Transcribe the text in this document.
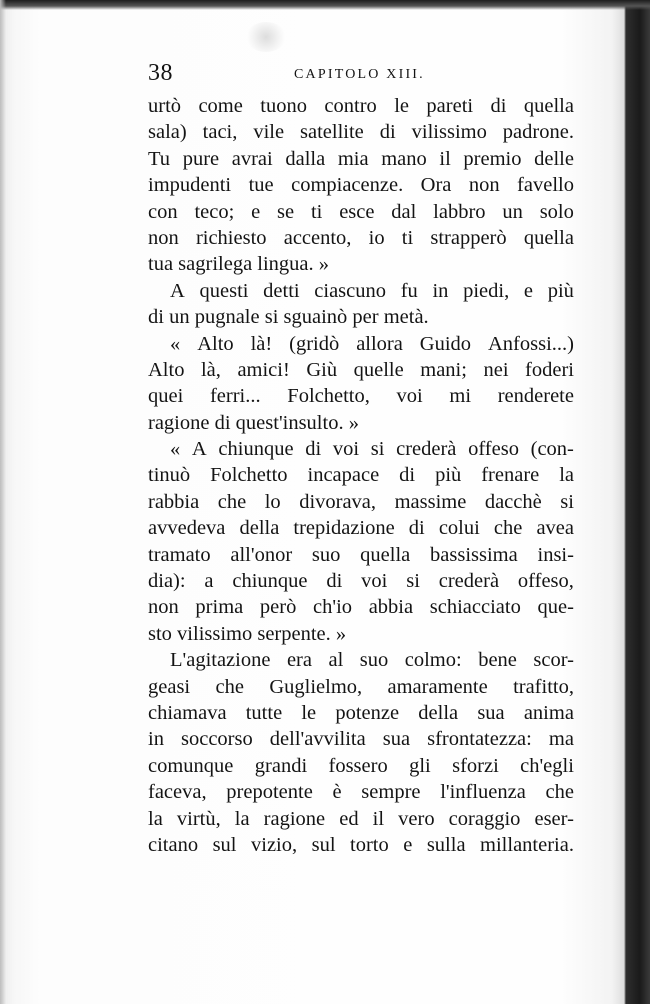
38	CAPITOLO XIII.
urtò come tuono contro le pareti di quella
sala) taci, vile satellite di vilissimo padrone.
Tu pure avrai dalla mia mano il premio delle
impudenti tue compiacenze. Ora non favello
con teco; e se ti esce dal labbro un solo
non richiesto accento, io ti strapperò quella
tua sagrilega lingua. »
A questi detti ciascuno fu in piedi, e più
di un pugnale si sguainò per metà.
« Alto là! (gridò allora Guido Anfossi...)
Alto là, amici! Giù quelle mani; nei foderi
quei ferri... Folchetto, voi mi renderete
ragione di quest'insulto. »
« A chiunque di voi si crederà offeso (con-
tinuò Folchetto incapace di più frenare la
rabbia che lo divorava, massime dacchè si
avvedeva della trepidazione di colui che avea
tramato all'onor suo quella bassissima insi-
dia): a chiunque di voi si crederà offeso,
non prima però ch'io abbia schiacciato que-
sto vilissimo serpente. »
L'agitazione era al suo colmo: bene scor-
geasi che Guglielmo, amaramente trafitto,
chiamava tutte le potenze della sua anima
in soccorso dell'avvilita sua sfrontatezza: ma
comunque grandi fossero gli sforzi ch'egli
faceva, prepotente è sempre l'influenza che
la virtù, la ragione ed il vero coraggio eser-
citano sul vizio, sul torto e sulla millanteria.
